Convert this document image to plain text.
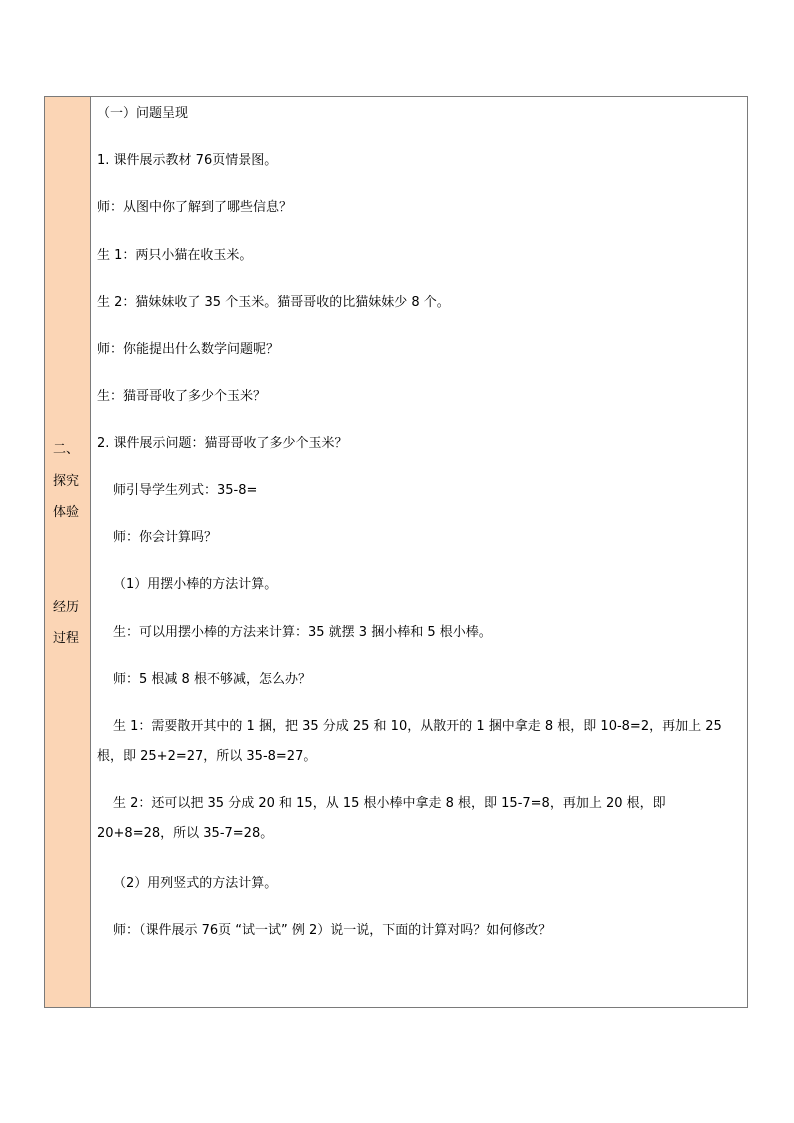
二、
探究
体验
经历
过程
（一）问题呈现
1. 课件展示教材 76页情景图。
师：从图中你了解到了哪些信息？
生 1：两只小猫在收玉米。
生 2：猫妹妹收了 35 个玉米。猫哥哥收的比猫妹妹少 8 个。
师：你能提出什么数学问题呢？
生：猫哥哥收了多少个玉米？
2. 课件展示问题：猫哥哥收了多少个玉米？
师引导学生列式：35-8=
师：你会计算吗？
（1）用摆小棒的方法计算。
生：可以用摆小棒的方法来计算：35 就摆 3 捆小棒和 5 根小棒。
师：5 根减 8 根不够减，怎么办？
生 1：需要散开其中的 1 捆，把 35 分成 25 和 10，从散开的 1 捆中拿走 8 根，即 10-8=2，再加上 25 根，即 25+2=27，所以 35-8=27。
生 2：还可以把 35 分成 20 和 15，从 15 根小棒中拿走 8 根，即 15-7=8，再加上 20 根，即 20+8=28，所以 35-7=28。
（2）用列竖式的方法计算。
师：（课件展示 76页 “试一试” 例 2）说一说，下面的计算对吗？如何修改？
